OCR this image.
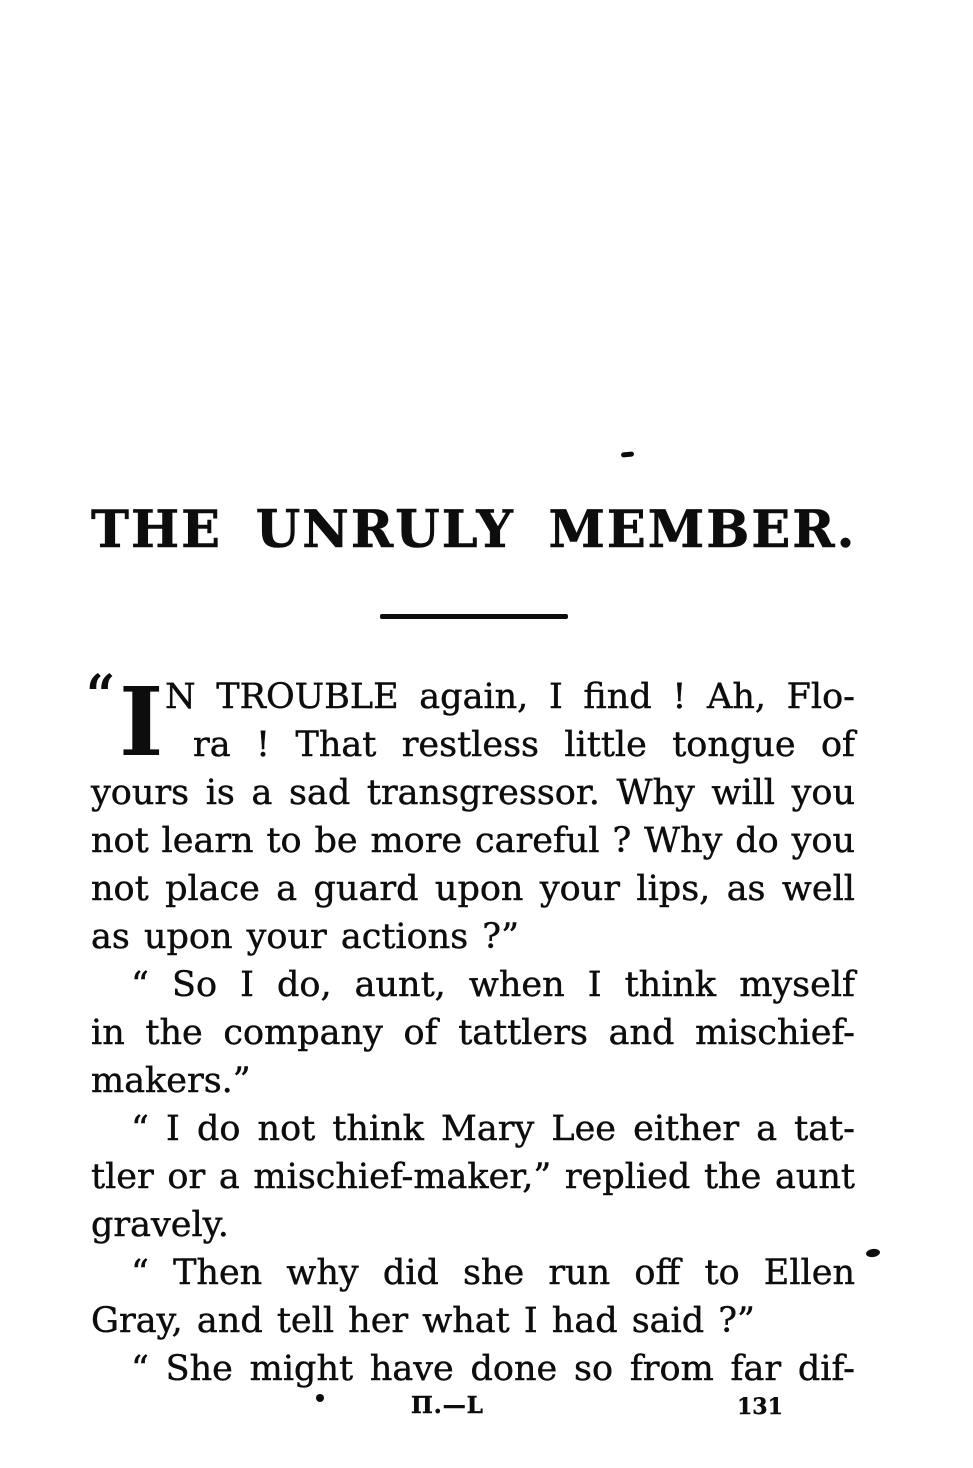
THE UNRULY MEMBER.
“ I N TROUBLE again, I find ! Ah, Flo-
ra ! That restless little tongue of
yours is a sad transgressor. Why will you
not learn to be more careful ? Why do you
not place a guard upon your lips, as well
as upon your actions ?”
“ So I do, aunt, when I think myself
in the company of tattlers and mischief-
makers.”
“ I do not think Mary Lee either a tat-
tler or a mischief-maker,” replied the aunt
gravely.
“ Then why did she run off to Ellen
Gray, and tell her what I had said ?”
“ She might have done so from far dif-
Π.—L	131
